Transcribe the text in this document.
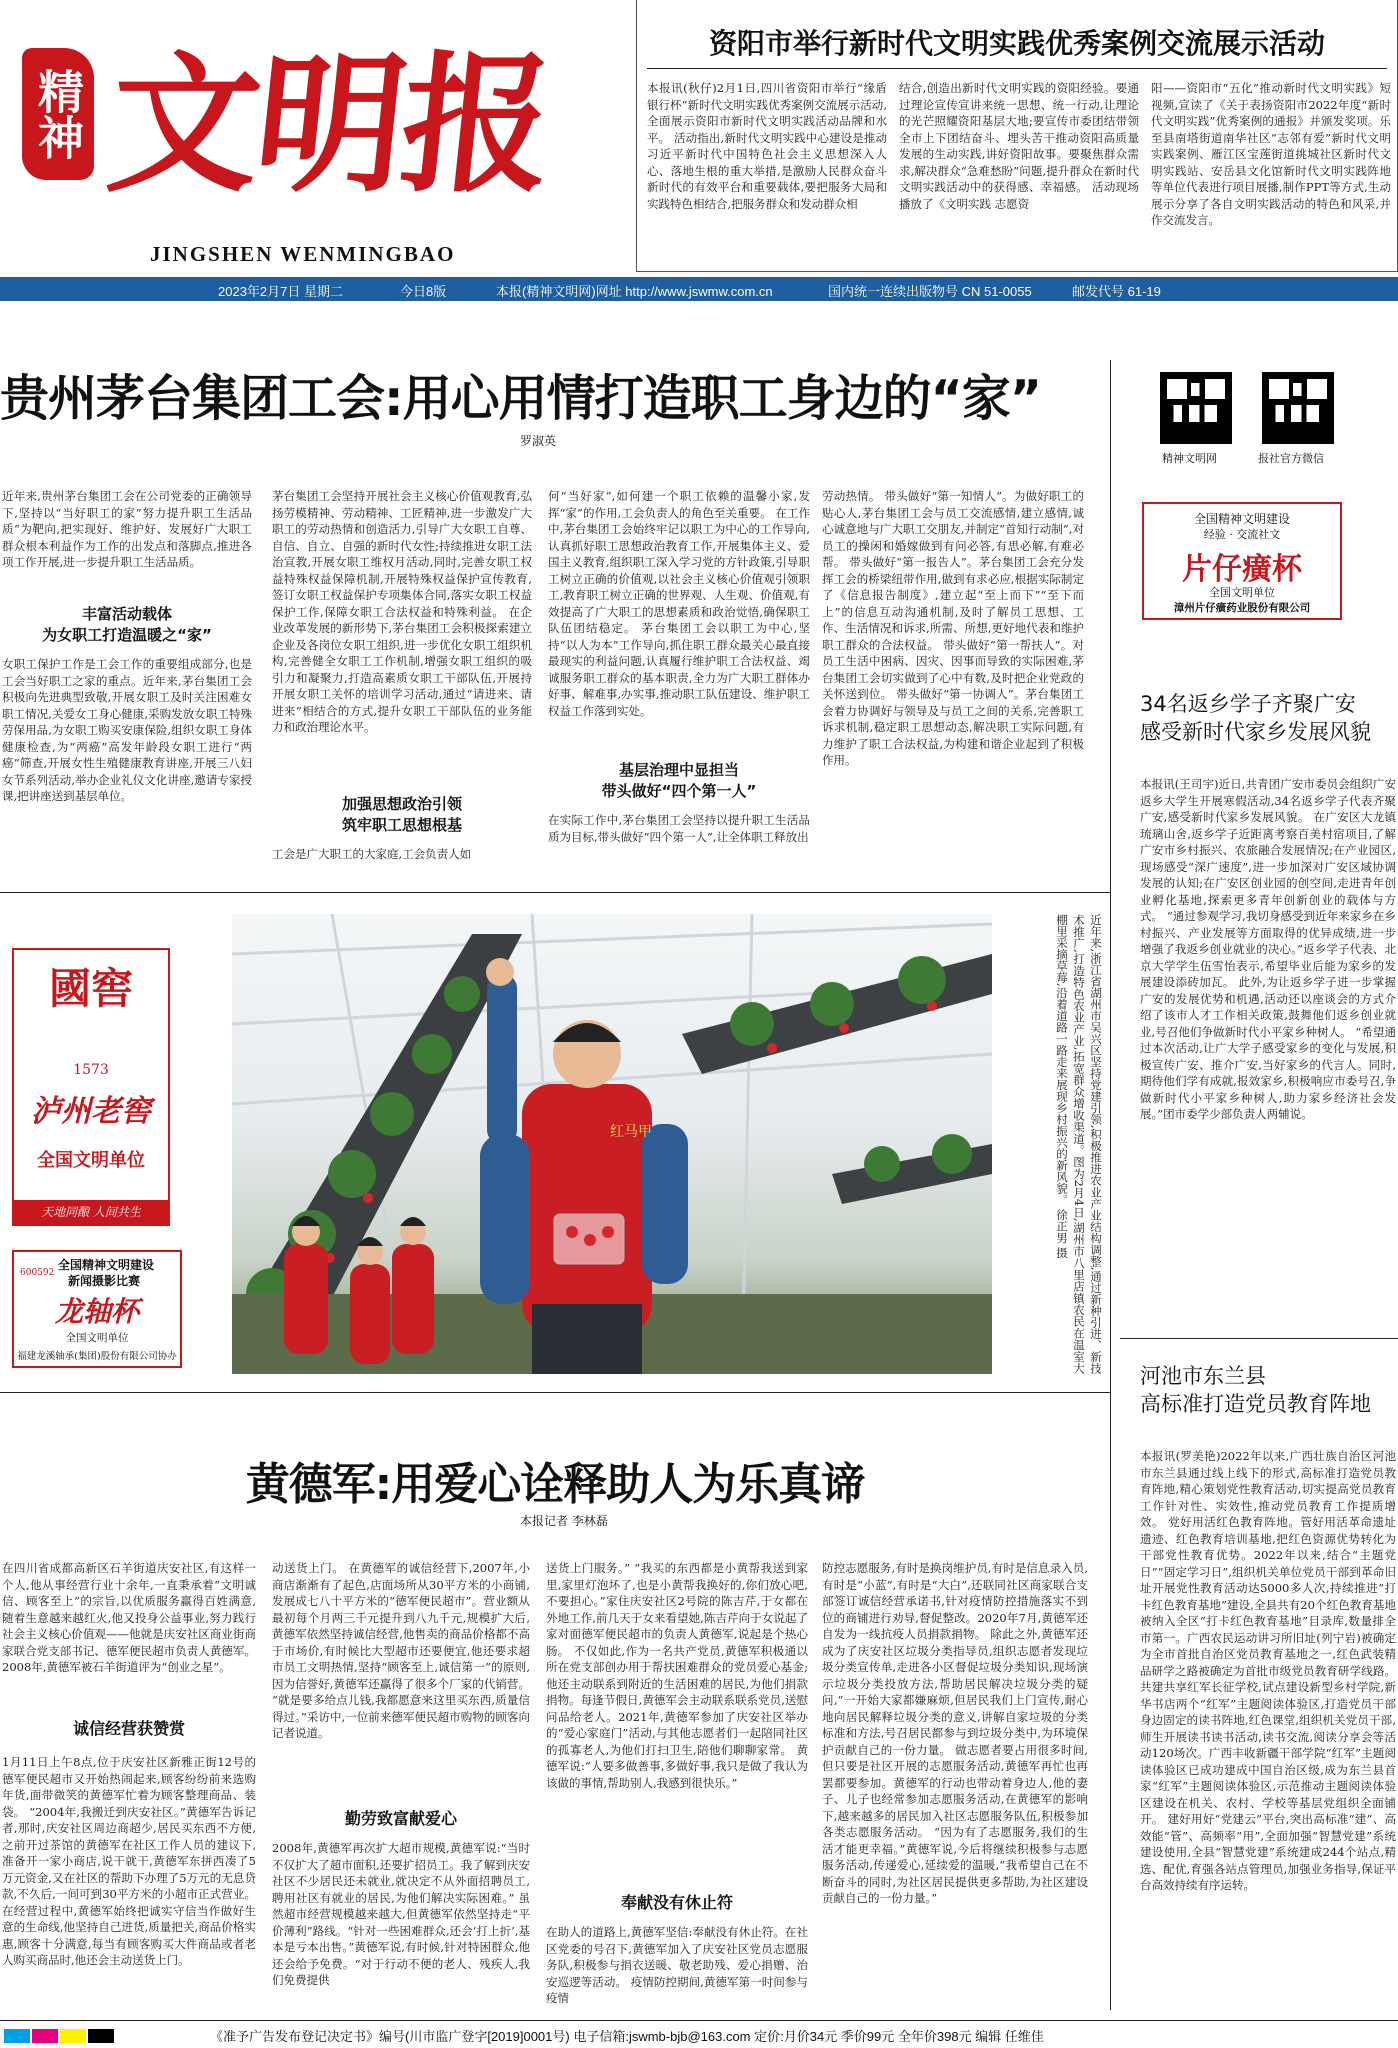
精神 文明报
JINGSHEN WENMINGBAO
资阳市举行新时代文明实践优秀案例交流展示活动
本报讯(秋仔)2月1日,四川省资阳市举行“缘盾银行杯”新时代文明实践优秀案例交流展示活动,全面展示资阳市新时代文明实践活动品牌和水平。 活动指出,新时代文明实践中心建设是推动习近平新时代中国特色社会主义思想深入人心、落地生根的重大举措,是激励人民群众奋斗新时代的有效平台和重要载体,要把服务大局和实践特色相结合,把服务群众和发动群众相
结合,创造出新时代文明实践的资阳经验。要通过理论宣传宣讲来统一思想、统一行动,让理论的光芒照耀资阳基层大地;要宣传市委团结带领全市上下团结奋斗、埋头苦干推动资阳高质量发展的生动实践,讲好资阳故事。要聚焦群众需求,解决群众“急难愁盼”问题,提升群众在新时代文明实践活动中的获得感、幸福感。 活动现场播放了《文明实践 志愿资
阳——资阳市“五化”推动新时代文明实践》短视频,宣读了《关于表扬资阳市2022年度“新时代文明实践”优秀案例的通报》并颁发奖项。乐至县南塔街道南华社区“志邻有爱”新时代文明实践案例、雁江区宝莲街道挑城社区新时代文明实践站、安岳县文化馆新时代文明实践阵地等单位代表进行项目展播,制作PPT等方式,生动展示分享了各自文明实践活动的特色和风采,并作交流发言。
2023年2月7日 星期二	今日8版	本报(精神文明网)网址 http://www.jswmw.com.cn	国内统一连续出版物号 CN 51-0055	邮发代号 61-19
贵州茅台集团工会:用心用情打造职工身边的“家”
罗淑英
近年来,贵州茅台集团工会在公司党委的正确领导下,坚持以“当好职工的家”努力提升职工生活品质“为靶向,把实现好、维护好、发展好广大职工群众根本利益作为工作的出发点和落脚点,推进各项工作开展,进一步提升职工生活品质。
丰富活动载体
为女职工打造温暖之“家”
女职工保护工作是工会工作的重要组成部分,也是工会当好职工之家的重点。近年来,茅台集团工会积极向先进典型致敬,开展女职工及时关注困难女职工情况,关爱女工身心健康,采购发放女职工特殊劳保用品,为女职工购买安康保险,组织女职工身体健康检查,为“两癌”高发年龄段女职工进行“两癌”筛查,开展女性生殖健康教育讲座,开展三八妇女节系列活动,举办企业礼仪文化讲座,邀请专家授课,把讲座送到基层单位。
茅台集团工会坚持开展社会主义核心价值观教育,弘扬劳模精神、劳动精神、工匠精神,进一步激发广大职工的劳动热情和创造活力,引导广大女职工自尊、自信、自立、自强的新时代女性;持续推进女职工法治宣教,开展女职工维权月活动,同时,完善女职工权益特殊权益保障机制,开展特殊权益保护宣传教育,签订女职工权益保护专项集体合同,落实女职工权益保护工作,保障女职工合法权益和特殊利益。 在企业改革发展的新形势下,茅台集团工会积极探索建立企业及各岗位女职工组织,进一步优化女职工组织机构,完善健全女职工工作机制,增强女职工组织的吸引力和凝聚力,打造高素质女职工干部队伍,开展持开展女职工关怀的培训学习活动,通过“请进来、请进来”相结合的方式,提升女职工干部队伍的业务能力和政治理论水平。
加强思想政治引领
筑牢职工思想根基
工会是广大职工的大家庭,工会负责人如
何“当好家”,如何建一个职工依赖的温馨小家,发挥“家”的作用,工会负责人的角色至关重要。 在工作中,茅台集团工会始终牢记以职工为中心的工作导向,认真抓好职工思想政治教育工作,开展集体主义、爱国主义教育,组织职工深入学习党的方针政策,引导职工树立正确的价值观,以社会主义核心价值观引领职工,教育职工树立正确的世界观、人生观、价值观,有效提高了广大职工的思想素质和政治觉悟,确保职工队伍团结稳定。 茅台集团工会以职工为中心,坚持“以人为本”工作导向,抓住职工群众最关心最直接最现实的利益问题,认真履行维护职工合法权益、竭诚服务职工群众的基本职责,全力为广大职工群体办好事、解难事,办实事,推动职工队伍建设、维护职工权益工作落到实处。
基层治理中显担当
带头做好“四个第一人”
在实际工作中,茅台集团工会坚持以提升职工生活品质为目标,带头做好“四个第一人”,让全体职工释放出
劳动热情。 带头做好“第一知情人”。为做好职工的贴心人,茅台集团工会与员工交流感情,建立感情,诚心诚意地与广大职工交朋友,并制定“首知行动制”,对员工的操闲和婚嫁做到有问必答,有思必解,有难必帮。 带头做好“第一报告人”。茅台集团工会充分发挥工会的桥梁纽带作用,做到有求必应,根据实际制定了《信息报告制度》,建立起“至上而下”“至下而上”的信息互动沟通机制,及时了解员工思想、工作、生活情况和诉求,所需、所想,更好地代表和维护职工群众的合法权益。 带头做好“第一帮扶人”。对员工生活中困病、因灾、因事而导致的实际困难,茅台集团工会切实做到了心中有数,及时把企业党政的关怀送到位。 带头做好“第一协调人”。茅台集团工会着力协调好与领导及与员工之间的关系,完善职工诉求机制,稳定职工思想动态,解决职工实际问题,有力维护了职工合法权益,为构建和谐企业起到了积极作用。
精神文明网	报社官方微信
全国精神文明建设
经验 · 交流社文
片仔癀杯
全国文明单位
漳州片仔癀药业股份有限公司
34名返乡学子齐聚广安
感受新时代家乡发展风貌
本报讯(王司宇)近日,共青团广安市委员会组织广安返乡大学生开展寒假活动,34名返乡学子代表齐聚广安,感受新时代家乡发展风貌。 在广安区大龙镇琉璃山舍,返乡学子近距离考察百美村宿项目,了解广安市乡村振兴、农旅融合发展情况;在产业园区,现场感受“深广速度”,进一步加深对广安区域协调发展的认知;在广安区创业园的创空间,走进青年创业孵化基地,探索更多青年创新创业的载体与方式。 “通过参观学习,我切身感受到近年来家乡在乡村振兴、产业发展等方面取得的优异成绩,进一步增强了我返乡创业就业的决心。”返乡学子代表、北京大学学生伍雪怡表示,希望毕业后能为家乡的发展建设添砖加瓦。 此外,为让返乡学子进一步掌握广安的发展优势和机遇,活动还以座谈会的方式介绍了该市人才工作相关政策,鼓舞他们返乡创业就业,号召他们争做新时代小平家乡种树人。 “希望通过本次活动,让广大学子感受家乡的变化与发展,积极宣传广安、推介广安,当好家乡的代言人。同时,期待他们学有成就,报效家乡,积极响应市委号召,争做新时代小平家乡种树人,助力家乡经济社会发展。”团市委学少部负责人两辅说。
河池市东兰县
高标准打造党员教育阵地
本报讯(罗美艳)2022年以来,广西壮族自治区河池市东兰县通过线上线下的形式,高标准打造党员教育阵地,精心策划党性教育活动,切实提高党员教育工作针对性、实效性,推动党员教育工作提质增效。 党好用活红色教育阵地。管好用活革命遗址遗迹、红色教育培训基地,把红色资源优势转化为干部党性教育优势。2022年以来,结合“主题党日”“固定学习日”,组织机关单位党员干部到革命旧址开展党性教育活动达5000多人次,持续推进“打卡红色教育基地”建设,全县共有20个红色教育基地被纳入全区“打卡红色教育基地”目录库,数量排全市第一。广西农民运动讲习所旧址(列宁岩)被确定为全市首批自治区党员教育基地之一,红色武装精品研学之路被确定为首批市级党员教育研学线路。 共建共享红军长征学校,试点建设新型乡村学院,新华书店两个“红军”主题阅读体验区,打造党员干部身边固定的读书阵地,红色课堂,组织机关党员干部,师生开展读书读书活动,读书交流,阅读分享会等活动120场次。广西丰收新疆干部学院“红军”主题阅读体验区已成功建成中国自治区级,成为东兰县首家“红军”主题阅读体验区,示范推动主题阅读体验区建设在机关、农村、学校等基层党组织全面铺开。 建好用好“党建云”平台,突出高标准“建”、高效能“管”、高频率“用”,全面加强“智慧党建”系统建设使用,全县“智慧党建”系统建成244个站点,精选、配优,育强各站点管理员,加强业务指导,保证平台高效持续有序运转。
國窖
1573
泸州老窖
全国文明单位
天地同酿 人间共生
600592
全国精神文明建设
新闻摄影比赛
龙轴杯
全国文明单位
福建龙溪轴承(集团)股份有限公司协办
红马甲	近年来,浙江省湖州市吴兴区坚持党建引领,积极推进农业产业结构调整,通过新种引进、新技术推广,打造特色农业产业,拓宽群众增收渠道。图为2月4日,湖州市八里店镇农民在温室大棚里采摘草莓,沿着道路一路走来展现乡村振兴的新风貌。 徐正男 摄
黄德军:用爱心诠释助人为乐真谛
本报记者 李林磊
在四川省成都高新区石羊街道庆安社区,有这样一个人,他从事经营行业十余年,一直秉承着“文明诚信、顾客至上”的宗旨,以优质服务赢得百姓满意,随着生意越来越红火,他又投身公益事业,努力践行社会主义核心价值观——他就是庆安社区商业街商家联合党支部书记、德军便民超市负责人黄德军。2008年,黄德军被石羊街道评为“创业之星”。
诚信经营获赞赏
1月11日上午8点,位于庆安社区新雅正街12号的德军便民超市又开始热闹起来,顾客纷纷前来选购年货,面带微笑的黄德军忙着为顾客整理商品、装袋。 “2004年,我搬迁到庆安社区。”黄德军告诉记者,那时,庆安社区周边商超少,居民买东西不方便,之前开过茶馆的黄德军在社区工作人员的建议下,准备开一家小商店,说干就干,黄德军东拼西凑了5万元资金,又在社区的帮助下办理了5万元的无息贷款,不久后,一间可到30平方米的小超市正式营业。 在经营过程中,黄德军始终把诚实守信当作做好生意的生命线,他坚持自己进货,质量把关,商品价格实惠,顾客十分满意,每当有顾客购买大件商品或者老人购买商品时,他还会主动送货上门。
动送货上门。 在黄德军的诚信经营下,2007年,小商店渐渐有了起色,店面场所从30平方米的小商铺,发展成七八十平方米的“德军便民超市”。营业额从最初每个月两三千元提升到八九千元,规模扩大后,黄德军依然坚持诚信经营,他售卖的商品价格都不高于市场价,有时候比大型超市还要便宜,他还要求超市员工文明热情,坚持“顾客至上,诚信第一”的原则,因为信誉好,黄德军还赢得了很多个厂家的代销营。 “就是要多给点儿钱,我都愿意来这里买东西,质量信得过。”采访中,一位前来德军便民超市购物的顾客向记者说道。
勤劳致富献爱心
2008年,黄德军再次扩大超市规模,黄德军说:“当时不仅扩大了超市面积,还要扩招员工。我了解到庆安社区不少居民还未就业,就决定不从外面招聘员工,聘用社区有就业的居民,为他们解决实际困难。” 虽然超市经营规模越来越大,但黄德军依然坚持走“平价薄利”路线。“针对一些困难群众,还会‘打上折’,基本是亏本出售。”黄德军说,有时候,针对特困群众,他还会给予免费。“对于行动不便的老人、残疾人,我们免费提供
送货上门服务。” “我买的东西都是小黄帮我送到家里,家里灯泡坏了,也是小黄帮我换好的,你们放心吧,不要担心。”家住庆安社区2号院的陈吉芹,于女都在外地工作,前几天于女来看望她,陈吉芹向于女说起了家对面德军便民超市的负责人黄德军,说起是个热心肠。 不仅如此,作为一名共产党员,黄德军积极通以所在党支部创办用于帮扶困难群众的党员爱心基金;他还主动联系到附近的生活困难的居民,为他们捐款捐物。每逢节假日,黄德军会主动联系联系党员,送慰问品给老人。2021年,黄德军参加了庆安社区举办的“爱心家庭门”活动,与其他志愿者们一起陪同社区的孤寡老人,为他们打扫卫生,陪他们聊聊家常。 黄德军说:“人要多做善事,多做好事,我只是做了我认为该做的事情,帮助别人,我感到很快乐。”
奉献没有休止符
在助人的道路上,黄德军坚信:奉献没有休止符。在社区党委的号召下,黄德军加入了庆安社区党员志愿服务队,积极参与捐衣送暖、敬老助残、爱心捐赠、治安巡逻等活动。 疫情防控期间,黄德军第一时间参与疫情
防控志愿服务,有时是换岗维护员,有时是信息录入员,有时是“小蓝”,有时是“大白”,还联同社区商家联合支部签订诚信经营承诺书,针对疫情防控措施落实不到位的商铺进行劝导,督促整改。2020年7月,黄德军还自发为一线抗疫人员捐款捐物。 除此之外,黄德军还成为了庆安社区垃圾分类指导员,组织志愿者发现垃圾分类宣传单,走进各小区督促垃圾分类知识,现场演示垃圾分类投放方法,帮助居民解决垃圾分类的疑问,“一开始大家都嫌麻烦,但居民我们上门宣传,耐心地向居民解释垃圾分类的意义,讲解自家垃圾的分类标准和方法,号召居民都参与到垃圾分类中,为环境保护贡献自己的一份力量。 做志愿者要占用很多时间,但只要是社区开展的志愿服务活动,黄德军再忙也再罢都要参加。黄德军的行动也带动着身边人,他的妻子、儿子也经常参加志愿服务活动,在黄德军的影响下,越来越多的居民加入社区志愿服务队伍,积极参加各类志愿服务活动。 “因为有了志愿服务,我们的生活才能更幸福。”黄德军说,今后将继续积极参与志愿服务活动,传递爱心,延续爱的温暖,“我希望自己在不断奋斗的同时,为社区居民提供更多帮助,为社区建设贡献自己的一份力量。”
《准予广告发布登记决定书》编号(川市监广登字[2019]0001号) 电子信箱:jswmb-bjb@163.com 定价:月价34元 季价99元 全年价398元 编辑 任维佳
